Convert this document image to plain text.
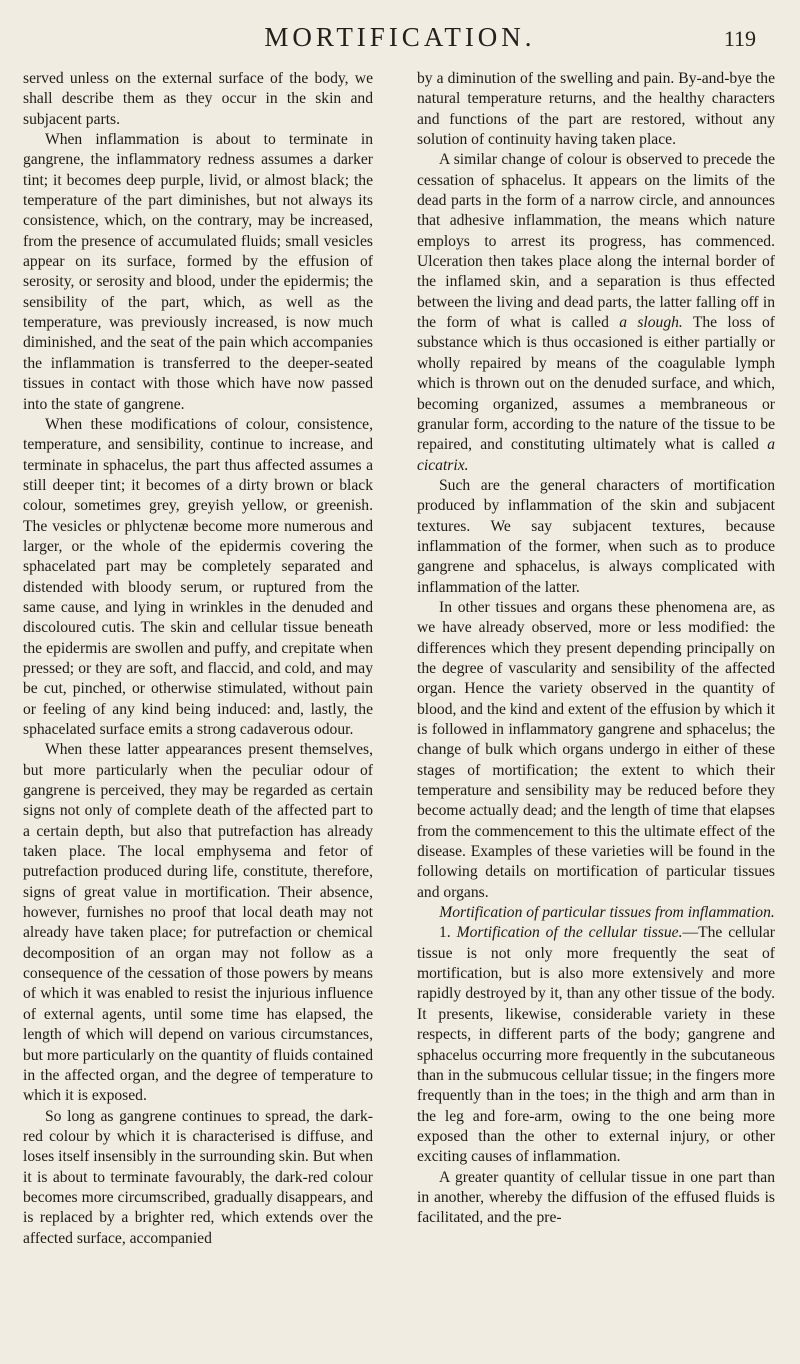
MORTIFICATION.	119

served unless on the external surface of the body, we shall describe them as they occur in the skin and subjacent parts.

When inflammation is about to terminate in gangrene, the inflammatory redness assumes a darker tint; it becomes deep purple, livid, or almost black; the temperature of the part diminishes, but not always its consistence, which, on the contrary, may be increased, from the presence of accumulated fluids; small vesicles appear on its surface, formed by the effusion of serosity, or serosity and blood, under the epidermis; the sensibility of the part, which, as well as the temperature, was previously increased, is now much diminished, and the seat of the pain which accompanies the inflammation is transferred to the deeper-seated tissues in contact with those which have now passed into the state of gangrene.

When these modifications of colour, consistence, temperature, and sensibility, continue to increase, and terminate in sphacelus, the part thus affected assumes a still deeper tint; it becomes of a dirty brown or black colour, sometimes grey, greyish yellow, or greenish. The vesicles or phlyctenæ become more numerous and larger, or the whole of the epidermis covering the sphacelated part may be completely separated and distended with bloody serum, or ruptured from the same cause, and lying in wrinkles in the denuded and discoloured cutis. The skin and cellular tissue beneath the epidermis are swollen and puffy, and crepitate when pressed; or they are soft, and flaccid, and cold, and may be cut, pinched, or otherwise stimulated, without pain or feeling of any kind being induced: and, lastly, the sphacelated surface emits a strong cadaverous odour.

When these latter appearances present themselves, but more particularly when the peculiar odour of gangrene is perceived, they may be regarded as certain signs not only of complete death of the affected part to a certain depth, but also that putrefaction has already taken place. The local emphysema and fetor of putrefaction produced during life, constitute, therefore, signs of great value in mortification. Their absence, however, furnishes no proof that local death may not already have taken place; for putrefaction or chemical decomposition of an organ may not follow as a consequence of the cessation of those powers by means of which it was enabled to resist the injurious influence of external agents, until some time has elapsed, the length of which will depend on various circumstances, but more particularly on the quantity of fluids contained in the affected organ, and the degree of temperature to which it is exposed.

So long as gangrene continues to spread, the dark-red colour by which it is characterised is diffuse, and loses itself insensibly in the surrounding skin. But when it is about to terminate favourably, the dark-red colour becomes more circumscribed, gradually disappears, and is replaced by a brighter red, which extends over the affected surface, accompanied

by a diminution of the swelling and pain. By-and-bye the natural temperature returns, and the healthy characters and functions of the part are restored, without any solution of continuity having taken place.

A similar change of colour is observed to precede the cessation of sphacelus. It appears on the limits of the dead parts in the form of a narrow circle, and announces that adhesive inflammation, the means which nature employs to arrest its progress, has commenced. Ulceration then takes place along the internal border of the inflamed skin, and a separation is thus effected between the living and dead parts, the latter falling off in the form of what is called a slough. The loss of substance which is thus occasioned is either partially or wholly repaired by means of the coagulable lymph which is thrown out on the denuded surface, and which, becoming organized, assumes a membraneous or granular form, according to the nature of the tissue to be repaired, and constituting ultimately what is called a cicatrix.

Such are the general characters of mortification produced by inflammation of the skin and subjacent textures. We say subjacent textures, because inflammation of the former, when such as to produce gangrene and sphacelus, is always complicated with inflammation of the latter.

In other tissues and organs these phenomena are, as we have already observed, more or less modified: the differences which they present depending principally on the degree of vascularity and sensibility of the affected organ. Hence the variety observed in the quantity of blood, and the kind and extent of the effusion by which it is followed in inflammatory gangrene and sphacelus; the change of bulk which organs undergo in either of these stages of mortification; the extent to which their temperature and sensibility may be reduced before they become actually dead; and the length of time that elapses from the commencement to this the ultimate effect of the disease. Examples of these varieties will be found in the following details on mortification of particular tissues and organs.

Mortification of particular tissues from inflammation.

1. Mortification of the cellular tissue.—The cellular tissue is not only more frequently the seat of mortification, but is also more extensively and more rapidly destroyed by it, than any other tissue of the body. It presents, likewise, considerable variety in these respects, in different parts of the body; gangrene and sphacelus occurring more frequently in the subcutaneous than in the submucous cellular tissue; in the fingers more frequently than in the toes; in the thigh and arm than in the leg and fore-arm, owing to the one being more exposed than the other to external injury, or other exciting causes of inflammation.

A greater quantity of cellular tissue in one part than in another, whereby the diffusion of the effused fluids is facilitated, and the pre-
